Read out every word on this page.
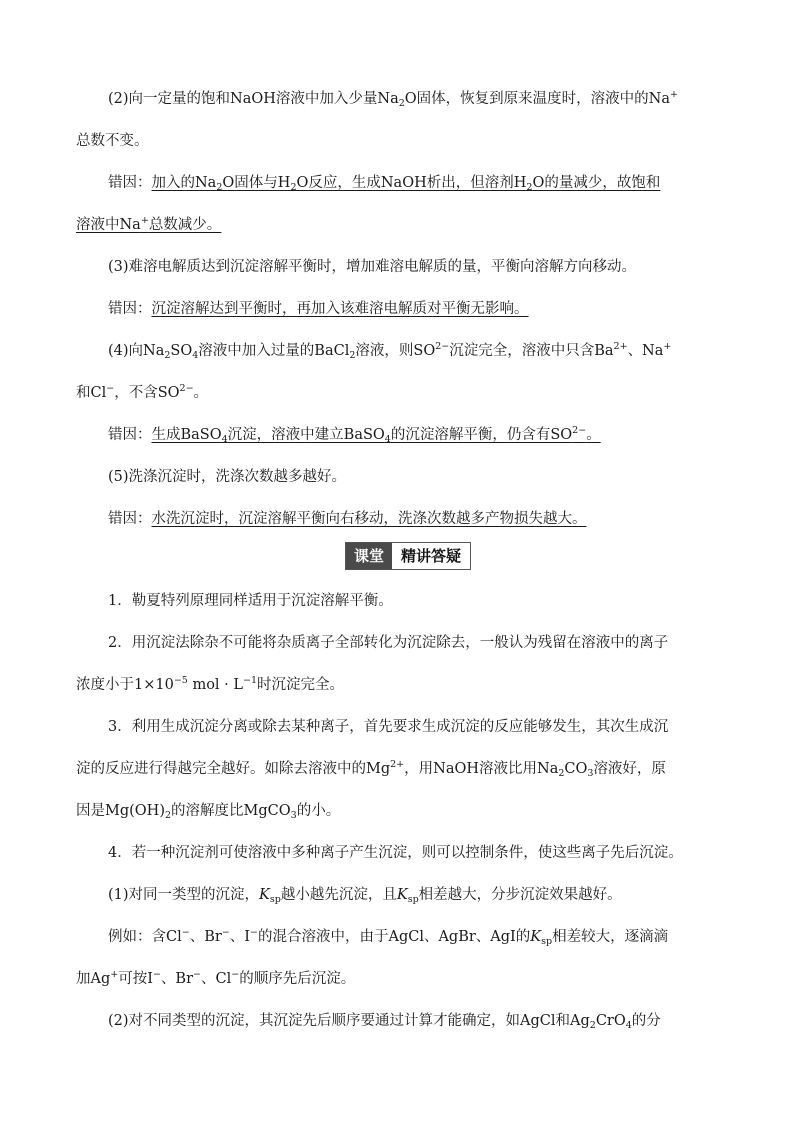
(2)向一定量的饱和NaOH溶液中加入少量$Na_2O$固体，恢复到原来温度时，溶液中的Na+
总数不变。
错因：加入的$Na_2O$固体与$H_2O$反应，生成NaOH析出，但溶剂$H_2O$的量减少，故饱和
溶液中Na+总数减少。
(3)难溶电解质达到沉淀溶解平衡时，增加难溶电解质的量，平衡向溶解方向移动。
错因：沉淀溶解达到平衡时，再加入该难溶电解质对平衡无影响。
(4)向$Na_2SO_4$溶液中加入过量的BaCl$_2$溶液，则$SO^{2-}$沉淀完全，溶液中只含$Ba^{2+}$、Na+
和Cl−，不含$SO^{2-}$。
错因：生成BaSO$_4$沉淀，溶液中建立BaSO$_4$的沉淀溶解平衡，仍含有$SO^{2-}$。
(5)洗涤沉淀时，洗涤次数越多越好。
错因：水洗沉淀时，沉淀溶解平衡向右移动，洗涤次数越多产物损失越大。
课堂	精讲答疑
1．勒夏特列原理同样适用于沉淀溶解平衡。
2．用沉淀法除杂不可能将杂质离子全部转化为沉淀除去，一般认为残留在溶液中的离子
浓度小于$1\times 10^{-5}$ mol · $L^{-1}$时沉淀完全。
3．利用生成沉淀分离或除去某种离子，首先要求生成沉淀的反应能够发生，其次生成沉
淀的反应进行得越完全越好。如除去溶液中的$Mg^{2+}$，用NaOH溶液比用$Na_2CO_3$溶液好，原
因是$Mg(OH)_2$的溶解度比MgCO$_3$的小。
4．若一种沉淀剂可使溶液中多种离子产生沉淀，则可以控制条件，使这些离子先后沉淀。
(1)对同一类型的沉淀，$K_{sp}$越小越先沉淀，且$K_{sp}$相差越大，分步沉淀效果越好。
例如：含Cl−、Br−、I−的混合溶液中，由于AgCl、AgBr、AgI的$K_{sp}$相差较大，逐滴滴
加Ag+可按I−、Br−、Cl−的顺序先后沉淀。
(2)对不同类型的沉淀，其沉淀先后顺序要通过计算才能确定，如AgCl和$Ag_2CrO_4$的分
